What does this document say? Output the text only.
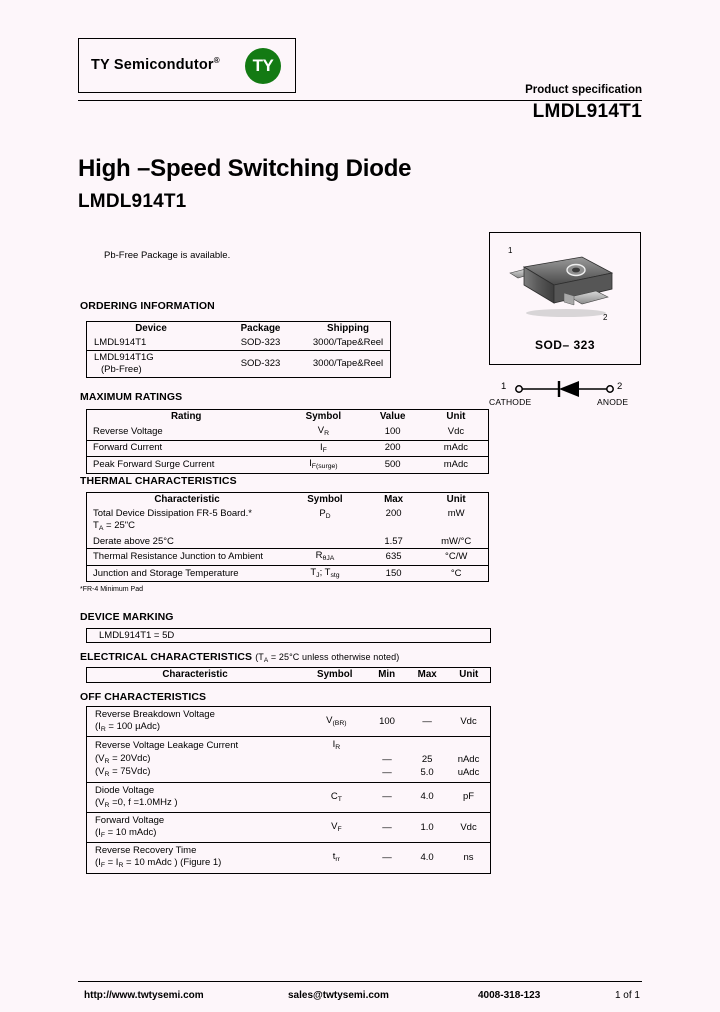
TY Semicondutor®	TY
Product specification
LMDL914T1
High –Speed Switching Diode
LMDL914T1
Pb-Free Package is available.	1
2
SOD– 323
1	2
CATHODE	ANODE
ORDERING INFORMATION
Device	Package	Shipping
LMDL914T1	SOD-323	3000/Tape&Reel
LMDL914T1G
(Pb-Free)	SOD-323	3000/Tape&Reel
MAXIMUM RATINGS
Rating	Symbol	Value	Unit
Reverse Voltage	$V_R$	100	Vdc
Forward Current	$I_F$	200	mAdc
Peak Forward Surge Current	$I_{F(surge)}$	500	mAdc
THERMAL CHARACTERISTICS
Characteristic	Symbol	Max	Unit
Total Device Dissipation FR-5 Board.*
$T_A$ = 25"C	$P_D$	200	mW
Derate above 25°C		1.57	mW/°C
Thermal Resistance Junction to Ambient	$R_{\theta JA}$	635	°C/W
Junction and Storage Temperature	$T_J$; $T_{stg}$	150	°C
*FR-4 Minimum Pad
DEVICE MARKING
LMDL914T1 = 5D
ELECTRICAL CHARACTERISTICS ($T_A = 25^\circ C$ unless otherwise noted)
Characteristic	Symbol	Min	Max	Unit
OFF CHARACTERISTICS
Reverse Breakdown Voltage
($I_R = 100$ µAdc)	$V_{(BR)}$	100	—	Vdc
Reverse Voltage Leakage Current	$I_R$			
$(V_R = 20Vdc)$		—	25	nAdc
$(V_R = 75Vdc)$		—	5.0	uAdc
Diode Voltage
($V_R =0$, f =1.0MHz )	$C_T$	—	4.0	pF
Forward Voltage
($I_F = 10$ mAdc)	$V_F$	—	1.0	Vdc
Reverse Recovery Time
($I_F = I_R = 10$ mAdc ) (Figure 1)	$t_{rr}$	—	4.0	ns
http://www.twtysemi.com	sales@twtysemi.com	4008-318-123	1 of 1
